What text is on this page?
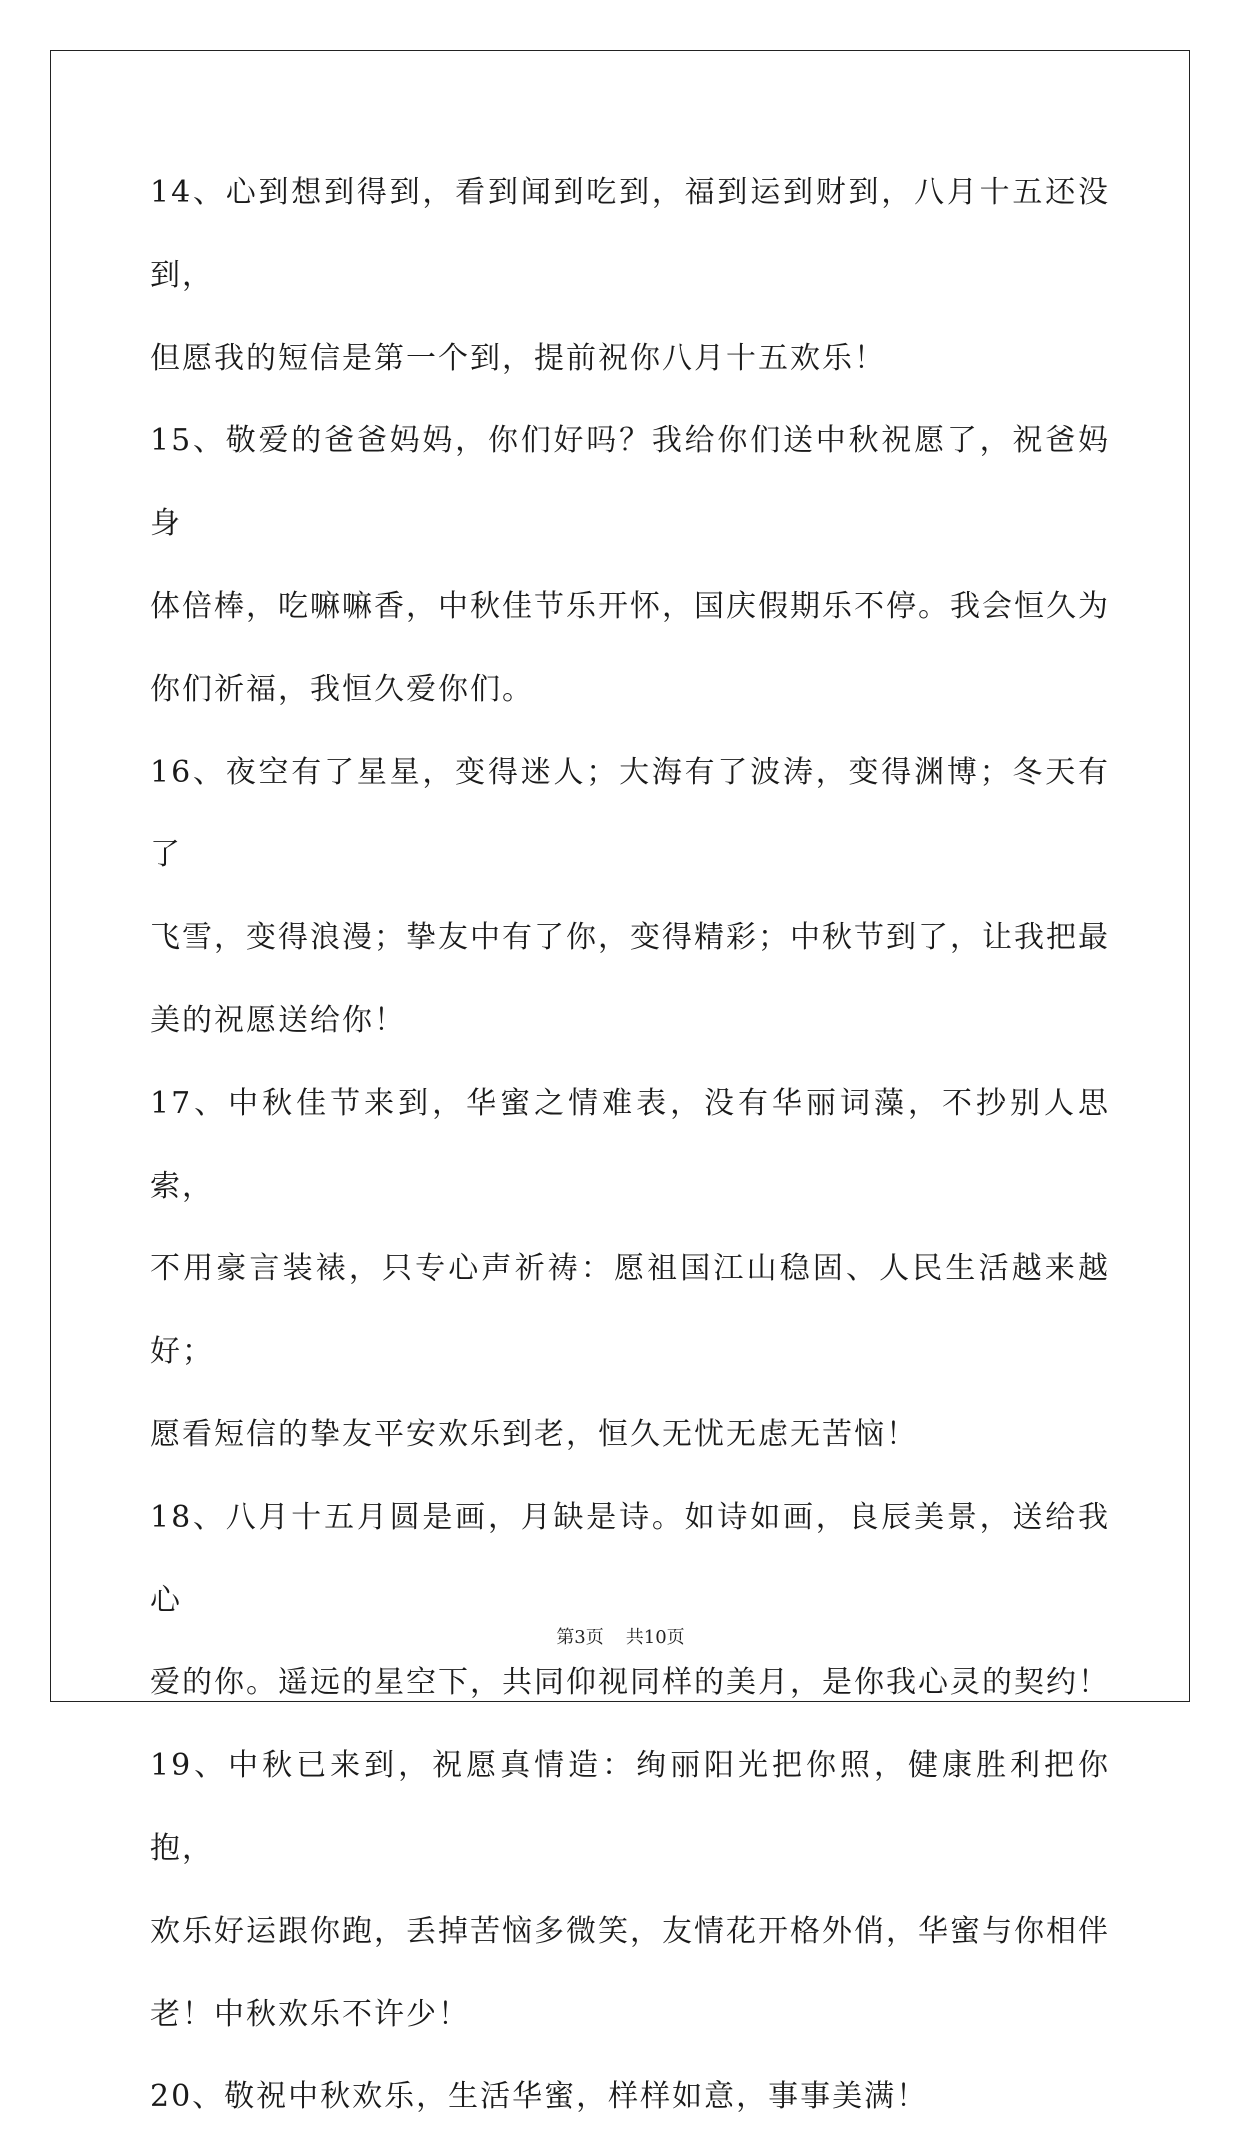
14、心到想到得到，看到闻到吃到，福到运到财到，八月十五还没到，
但愿我的短信是第一个到，提前祝你八月十五欢乐！

15、敬爱的爸爸妈妈，你们好吗？我给你们送中秋祝愿了，祝爸妈身
体倍棒，吃嘛嘛香，中秋佳节乐开怀，国庆假期乐不停。我会恒久为
你们祈福，我恒久爱你们。

16、夜空有了星星，变得迷人；大海有了波涛，变得渊博；冬天有了
飞雪，变得浪漫；挚友中有了你，变得精彩；中秋节到了，让我把最
美的祝愿送给你！

17、中秋佳节来到，华蜜之情难表，没有华丽词藻，不抄别人思索，
不用豪言装裱，只专心声祈祷：愿祖国江山稳固、人民生活越来越好；
愿看短信的挚友平安欢乐到老，恒久无忧无虑无苦恼！

18、八月十五月圆是画，月缺是诗。如诗如画，良辰美景，送给我心
爱的你。遥远的星空下，共同仰视同样的美月，是你我心灵的契约！

19、中秋已来到，祝愿真情造：绚丽阳光把你照，健康胜利把你抱，
欢乐好运跟你跑，丢掉苦恼多微笑，友情花开格外俏，华蜜与你相伴
老！中秋欢乐不许少！

20、敬祝中秋欢乐，生活华蜜，样样如意，事事美满！

第3页 共10页
